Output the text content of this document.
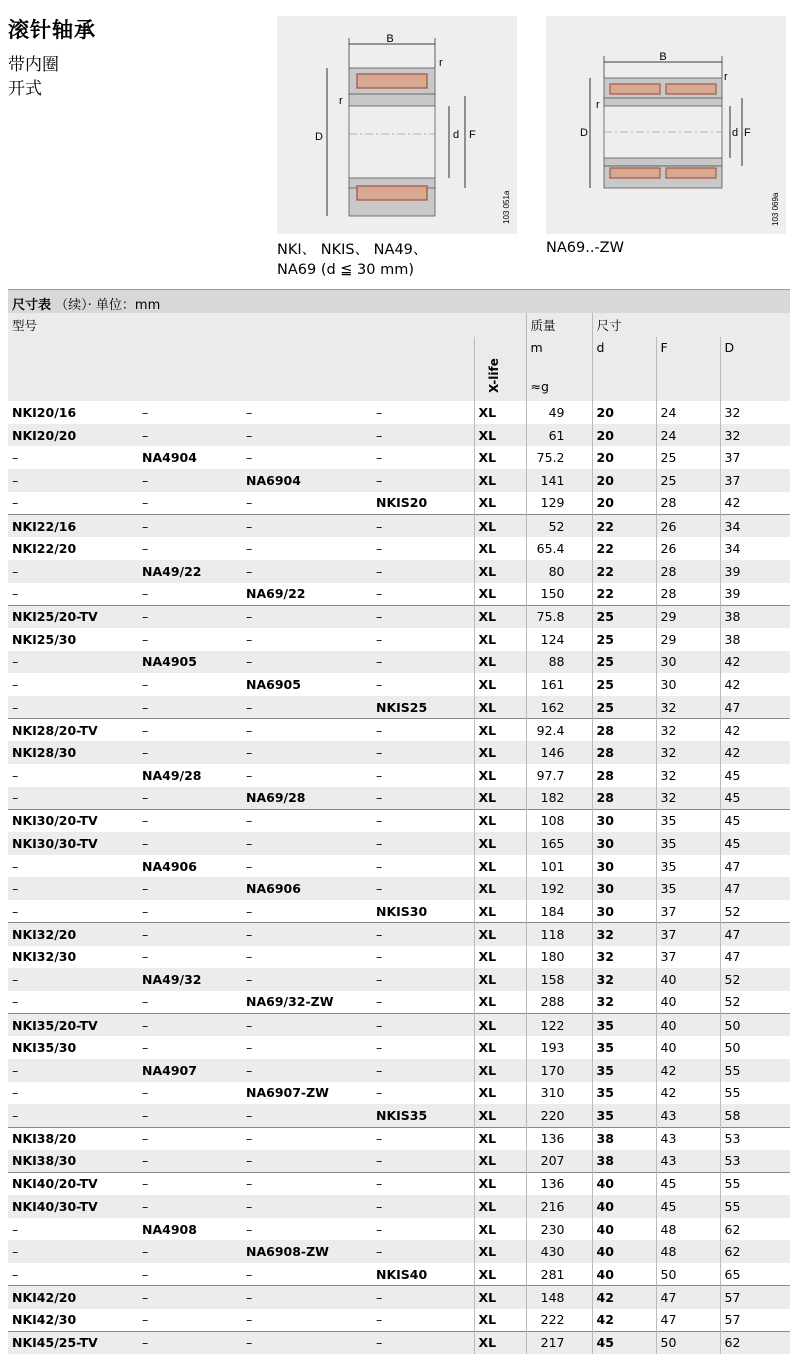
滚针轴承
带内圈
开式
B
r
r
D	d F
103 051a
NKI、 NKIS、 NA49、
NA69 (d ≦ 30 mm)
B
r
r
D	d F
103 069a
NA69..-ZW
尺寸表 （续）· 单位：mm
型号					质量	尺寸		

				X-life	m
≈g	d	F	D
NKI20/16	–	–	–	XL	49	20	24	32
NKI20/20	–	–	–	XL	61	20	24	32
–	NA4904	–	–	XL	75.2	20	25	37
–	–	NA6904	–	XL	141	20	25	37
–	–	–	NKIS20	XL	129	20	28	42
NKI22/16	–	–	–	XL	52	22	26	34
NKI22/20	–	–	–	XL	65.4	22	26	34
–	NA49/22	–	–	XL	80	22	28	39
–	–	NA69/22	–	XL	150	22	28	39
NKI25/20-TV	–	–	–	XL	75.8	25	29	38
NKI25/30	–	–	–	XL	124	25	29	38
–	NA4905	–	–	XL	88	25	30	42
–	–	NA6905	–	XL	161	25	30	42
–	–	–	NKIS25	XL	162	25	32	47
NKI28/20-TV	–	–	–	XL	92.4	28	32	42
NKI28/30	–	–	–	XL	146	28	32	42
–	NA49/28	–	–	XL	97.7	28	32	45
–	–	NA69/28	–	XL	182	28	32	45
NKI30/20-TV	–	–	–	XL	108	30	35	45
NKI30/30-TV	–	–	–	XL	165	30	35	45
–	NA4906	–	–	XL	101	30	35	47
–	–	NA6906	–	XL	192	30	35	47
–	–	–	NKIS30	XL	184	30	37	52
NKI32/20	–	–	–	XL	118	32	37	47
NKI32/30	–	–	–	XL	180	32	37	47
–	NA49/32	–	–	XL	158	32	40	52
–	–	NA69/32-ZW	–	XL	288	32	40	52
NKI35/20-TV	–	–	–	XL	122	35	40	50
NKI35/30	–	–	–	XL	193	35	40	50
–	NA4907	–	–	XL	170	35	42	55
–	–	NA6907-ZW	–	XL	310	35	42	55
–	–	–	NKIS35	XL	220	35	43	58
NKI38/20	–	–	–	XL	136	38	43	53
NKI38/30	–	–	–	XL	207	38	43	53
NKI40/20-TV	–	–	–	XL	136	40	45	55
NKI40/30-TV	–	–	–	XL	216	40	45	55
–	NA4908	–	–	XL	230	40	48	62
–	–	NA6908-ZW	–	XL	430	40	48	62
–	–	–	NKIS40	XL	281	40	50	65
NKI42/20	–	–	–	XL	148	42	47	57
NKI42/30	–	–	–	XL	222	42	47	57
NKI45/25-TV	–	–	–	XL	217	45	50	62
